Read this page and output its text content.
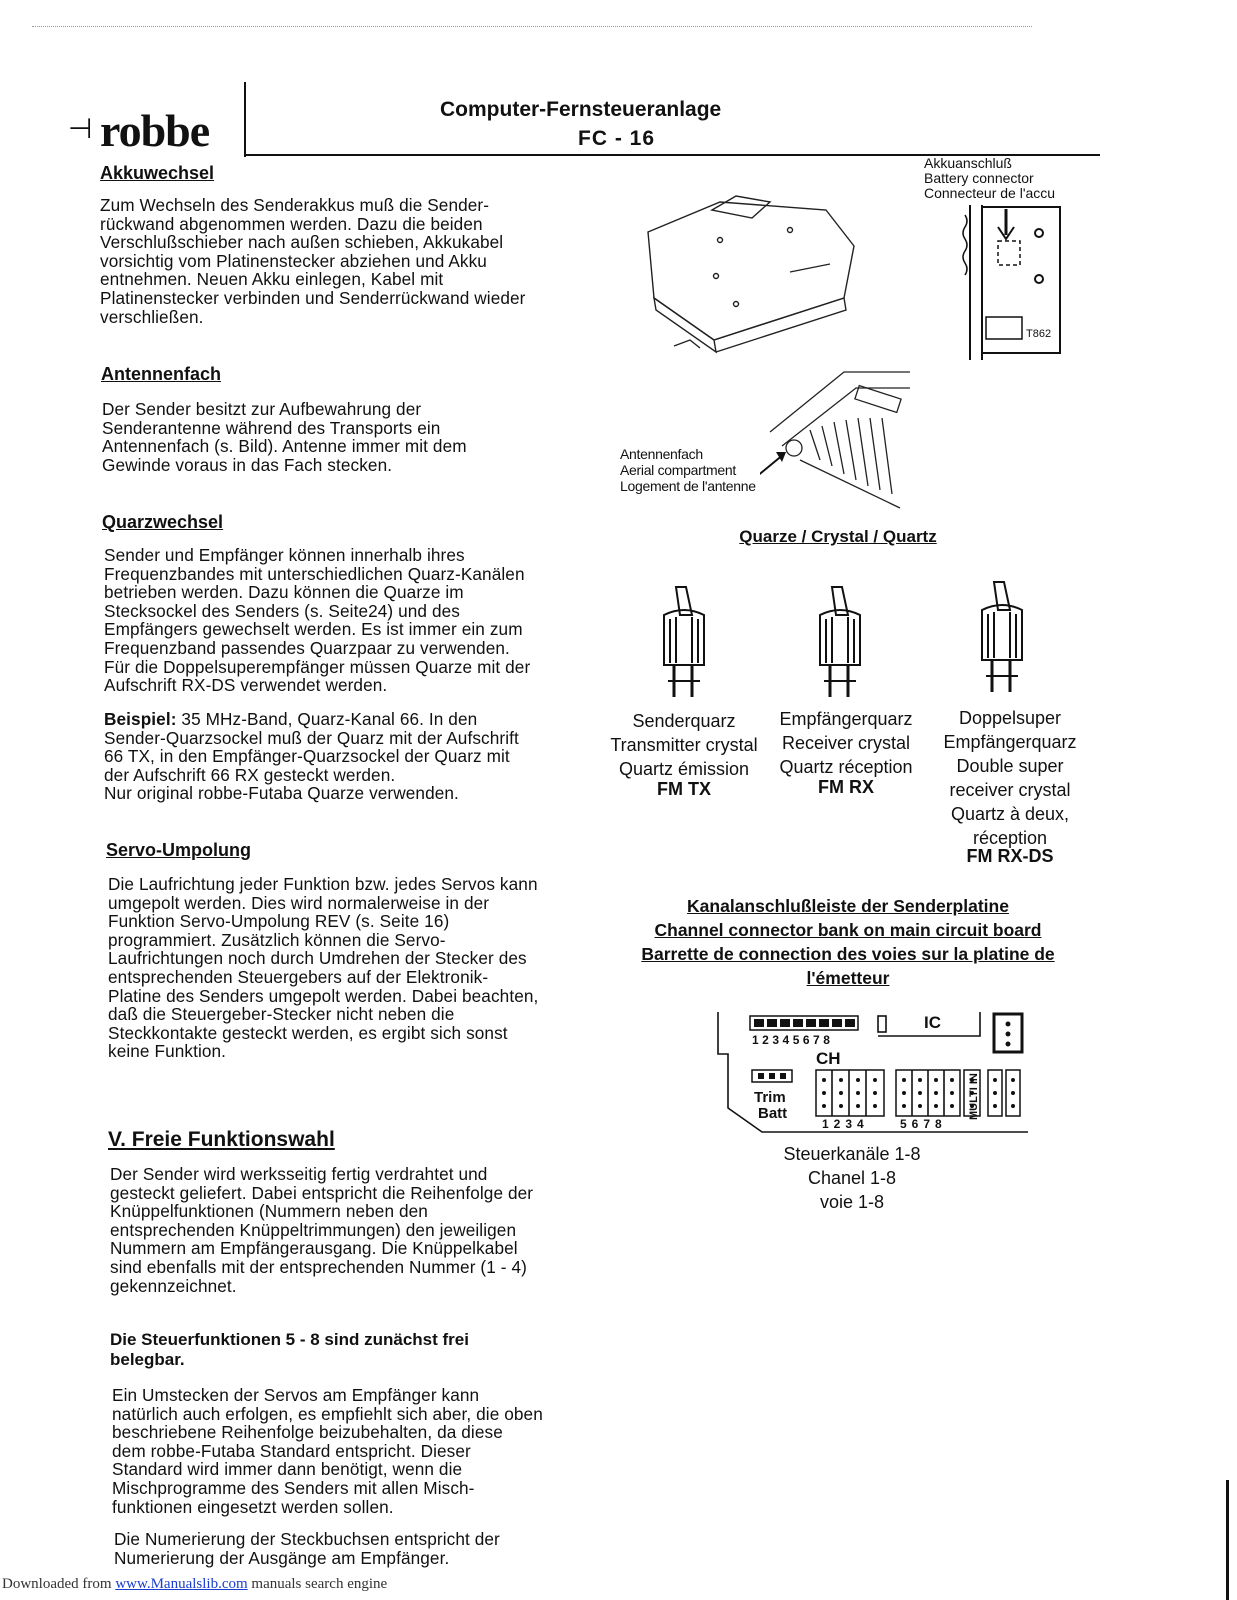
⊣ robbe	Computer-Fernsteueranlage
FC - 16
Akkuwechsel
Zum Wechseln des Senderakkus muß die Sender-
rückwand abgenommen werden. Dazu die beiden
Verschlußschieber nach außen schieben, Akkukabel
vorsichtig vom Platinenstecker abziehen und Akku
entnehmen. Neuen Akku einlegen, Kabel mit
Platinenstecker verbinden und Senderrückwand wieder
verschließen.
Antennenfach
Der Sender besitzt zur Aufbewahrung der
Senderantenne während des Transports ein
Antennenfach (s. Bild). Antenne immer mit dem
Gewinde voraus in das Fach stecken.
Quarzwechsel
Sender und Empfänger können innerhalb ihres
Frequenzbandes mit unterschiedlichen Quarz-Kanälen
betrieben werden. Dazu können die Quarze im
Stecksockel des Senders (s. Seite24) und des
Empfängers gewechselt werden. Es ist immer ein zum
Frequenzband passendes Quarzpaar zu verwenden.
Für die Doppelsuperempfänger müssen Quarze mit der
Aufschrift RX-DS verwendet werden.
Beispiel: 35 MHz-Band, Quarz-Kanal 66. In den
Sender-Quarzsockel muß der Quarz mit der Aufschrift
66 TX, in den Empfänger-Quarzsockel der Quarz mit
der Aufschrift 66 RX gesteckt werden.
Nur original robbe-Futaba Quarze verwenden.
Servo-Umpolung
Die Laufrichtung jeder Funktion bzw. jedes Servos kann
umgepolt werden. Dies wird normalerweise in der
Funktion Servo-Umpolung REV (s. Seite 16)
programmiert. Zusätzlich können die Servo-
Laufrichtungen noch durch Umdrehen der Stecker des
entsprechenden Steuergebers auf der Elektronik-
Platine des Senders umgepolt werden. Dabei beachten,
daß die Steuergeber-Stecker nicht neben die
Steckkontakte gesteckt werden, es ergibt sich sonst
keine Funktion.
V. Freie Funktionswahl
Der Sender wird werksseitig fertig verdrahtet und
gesteckt geliefert. Dabei entspricht die Reihenfolge der
Knüppelfunktionen (Nummern neben den
entsprechenden Knüppeltrimmungen) den jeweiligen
Nummern am Empfängerausgang. Die Knüppelkabel
sind ebenfalls mit der entsprechenden Nummer (1 - 4)
gekennzeichnet.
Die Steuerfunktionen 5 - 8 sind zunächst frei
belegbar.
Ein Umstecken der Servos am Empfänger kann
natürlich auch erfolgen, es empfiehlt sich aber, die oben
beschriebene Reihenfolge beizubehalten, da diese
dem robbe-Futaba Standard entspricht. Dieser
Standard wird immer dann benötigt, wenn die
Mischprogramme des Senders mit allen Misch-
funktionen eingesetzt werden sollen.
Die Numerierung der Steckbuchsen entspricht der
Numerierung der Ausgänge am Empfänger.
Akkuanschluß
Battery connector
Connecteur de l'accu
T862
Antennenfach
Aerial compartment
Logement de l'antenne
Quarze / Crystal / Quartz
Senderquarz
Transmitter crystal
Quartz émission
FM TX
Empfängerquarz
Receiver crystal
Quartz réception
FM RX
Doppelsuper
Empfängerquarz
Double super
receiver crystal
Quartz à deux,
réception
FM RX-DS
Kanalanschlußleiste der Senderplatine
Channel connector bank on main circuit board
Barrette de connection des voies sur la platine de
l'émetteur
12345678
IC
CH
Trim
Batt	MULTI IN
1234	5678
Steuerkanäle 1-8
Chanel 1-8
voie 1-8
Downloaded from www.Manualslib.com manuals search engine
